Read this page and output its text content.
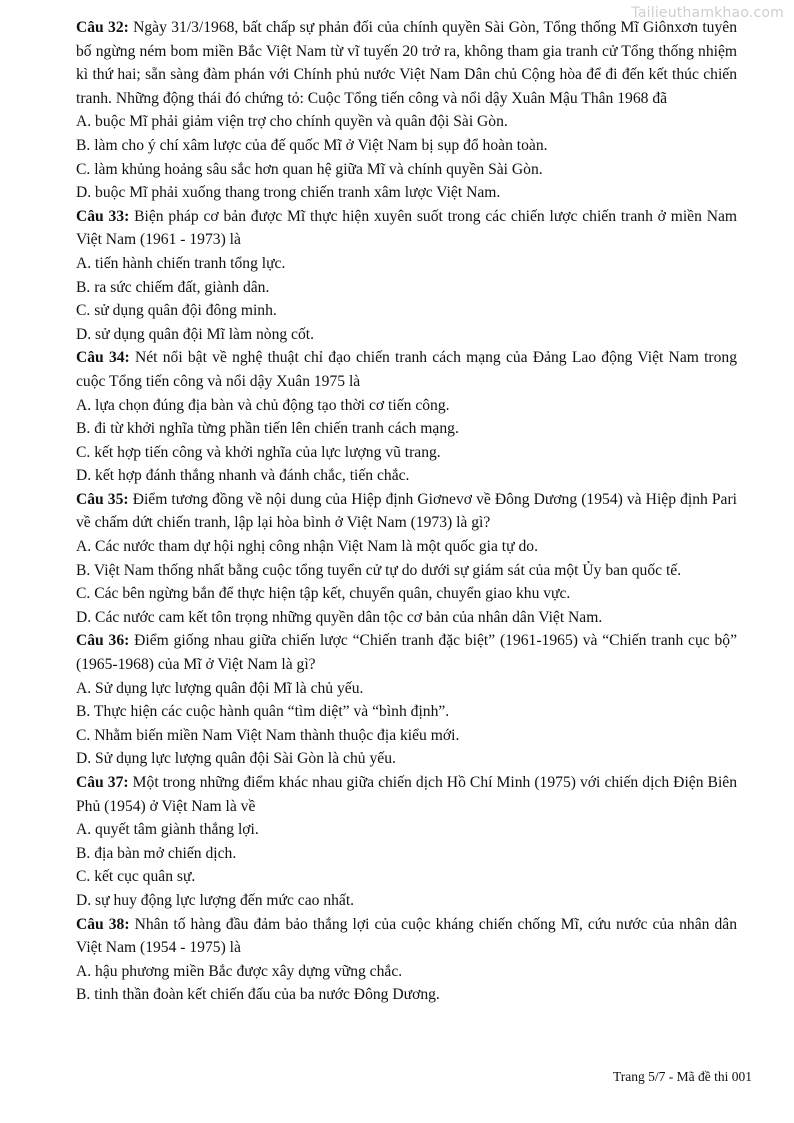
Tailieuthamkhao.com

Câu 32: Ngày 31/3/1968, bất chấp sự phản đối của chính quyền Sài Gòn, Tổng thống Mĩ Giônxơn tuyên bố ngừng ném bom miền Bắc Việt Nam từ vĩ tuyến 20 trở ra, không tham gia tranh cử Tổng thống nhiệm kì thứ hai; sẵn sàng đàm phán với Chính phủ nước Việt Nam Dân chủ Cộng hòa để đi đến kết thúc chiến tranh. Những động thái đó chứng tỏ: Cuộc Tổng tiến công và nổi dậy Xuân Mậu Thân 1968 đã

A. buộc Mĩ phải giảm viện trợ cho chính quyền và quân đội Sài Gòn.

B. làm cho ý chí xâm lược của đế quốc Mĩ ở Việt Nam bị sụp đổ hoàn toàn.

C. làm khủng hoảng sâu sắc hơn quan hệ giữa Mĩ và chính quyền Sài Gòn.

D. buộc Mĩ phải xuống thang trong chiến tranh xâm lược Việt Nam.

Câu 33: Biện pháp cơ bản được Mĩ thực hiện xuyên suốt trong các chiến lược chiến tranh ở miền Nam Việt Nam (1961 - 1973) là

A. tiến hành chiến tranh tổng lực.

B. ra sức chiếm đất, giành dân.

C. sử dụng quân đội đông minh.

D. sử dụng quân đội Mĩ làm nòng cốt.

Câu 34: Nét nổi bật về nghệ thuật chỉ đạo chiến tranh cách mạng của Đảng Lao động Việt Nam trong cuộc Tổng tiến công và nổi dậy Xuân 1975 là

A. lựa chọn đúng địa bàn và chủ động tạo thời cơ tiến công.

B. đi từ khởi nghĩa từng phần tiến lên chiến tranh cách mạng.

C. kết hợp tiến công và khởi nghĩa của lực lượng vũ trang.

D. kết hợp đánh thắng nhanh và đánh chắc, tiến chắc.

Câu 35: Điểm tương đồng về nội dung của Hiệp định Giơnevơ về Đông Dương (1954) và Hiệp định Pari về chấm dứt chiến tranh, lập lại hòa bình ở Việt Nam (1973) là gì?

A. Các nước tham dự hội nghị công nhận Việt Nam là một quốc gia tự do.

B. Việt Nam thống nhất bằng cuộc tổng tuyển cử tự do dưới sự giám sát của một Ủy ban quốc tế.

C. Các bên ngừng bắn để thực hiện tập kết, chuyển quân, chuyển giao khu vực.

D. Các nước cam kết tôn trọng những quyền dân tộc cơ bản của nhân dân Việt Nam.

Câu 36: Điểm giống nhau giữa chiến lược “Chiến tranh đặc biệt” (1961-1965) và “Chiến tranh cục bộ” (1965-1968) của Mĩ ở Việt Nam là gì?

A. Sử dụng lực lượng quân đội Mĩ là chủ yếu.

B. Thực hiện các cuộc hành quân “tìm diệt” và “bình định”.

C. Nhằm biến miền Nam Việt Nam thành thuộc địa kiểu mới.

D. Sử dụng lực lượng quân đội Sài Gòn là chủ yếu.

Câu 37: Một trong những điểm khác nhau giữa chiến dịch Hồ Chí Minh (1975) với chiến dịch Điện Biên Phủ (1954) ở Việt Nam là về

A. quyết tâm giành thắng lợi.

B. địa bàn mở chiến dịch.

C. kết cục quân sự.

D. sự huy động lực lượng đến mức cao nhất.

Câu 38: Nhân tố hàng đầu đảm bảo thắng lợi của cuộc kháng chiến chống Mĩ, cứu nước của nhân dân Việt Nam (1954 - 1975) là

A. hậu phương miền Bắc được xây dựng vững chắc.

B. tinh thần đoàn kết chiến đấu của ba nước Đông Dương.

Trang 5/7 - Mã đề thi 001
